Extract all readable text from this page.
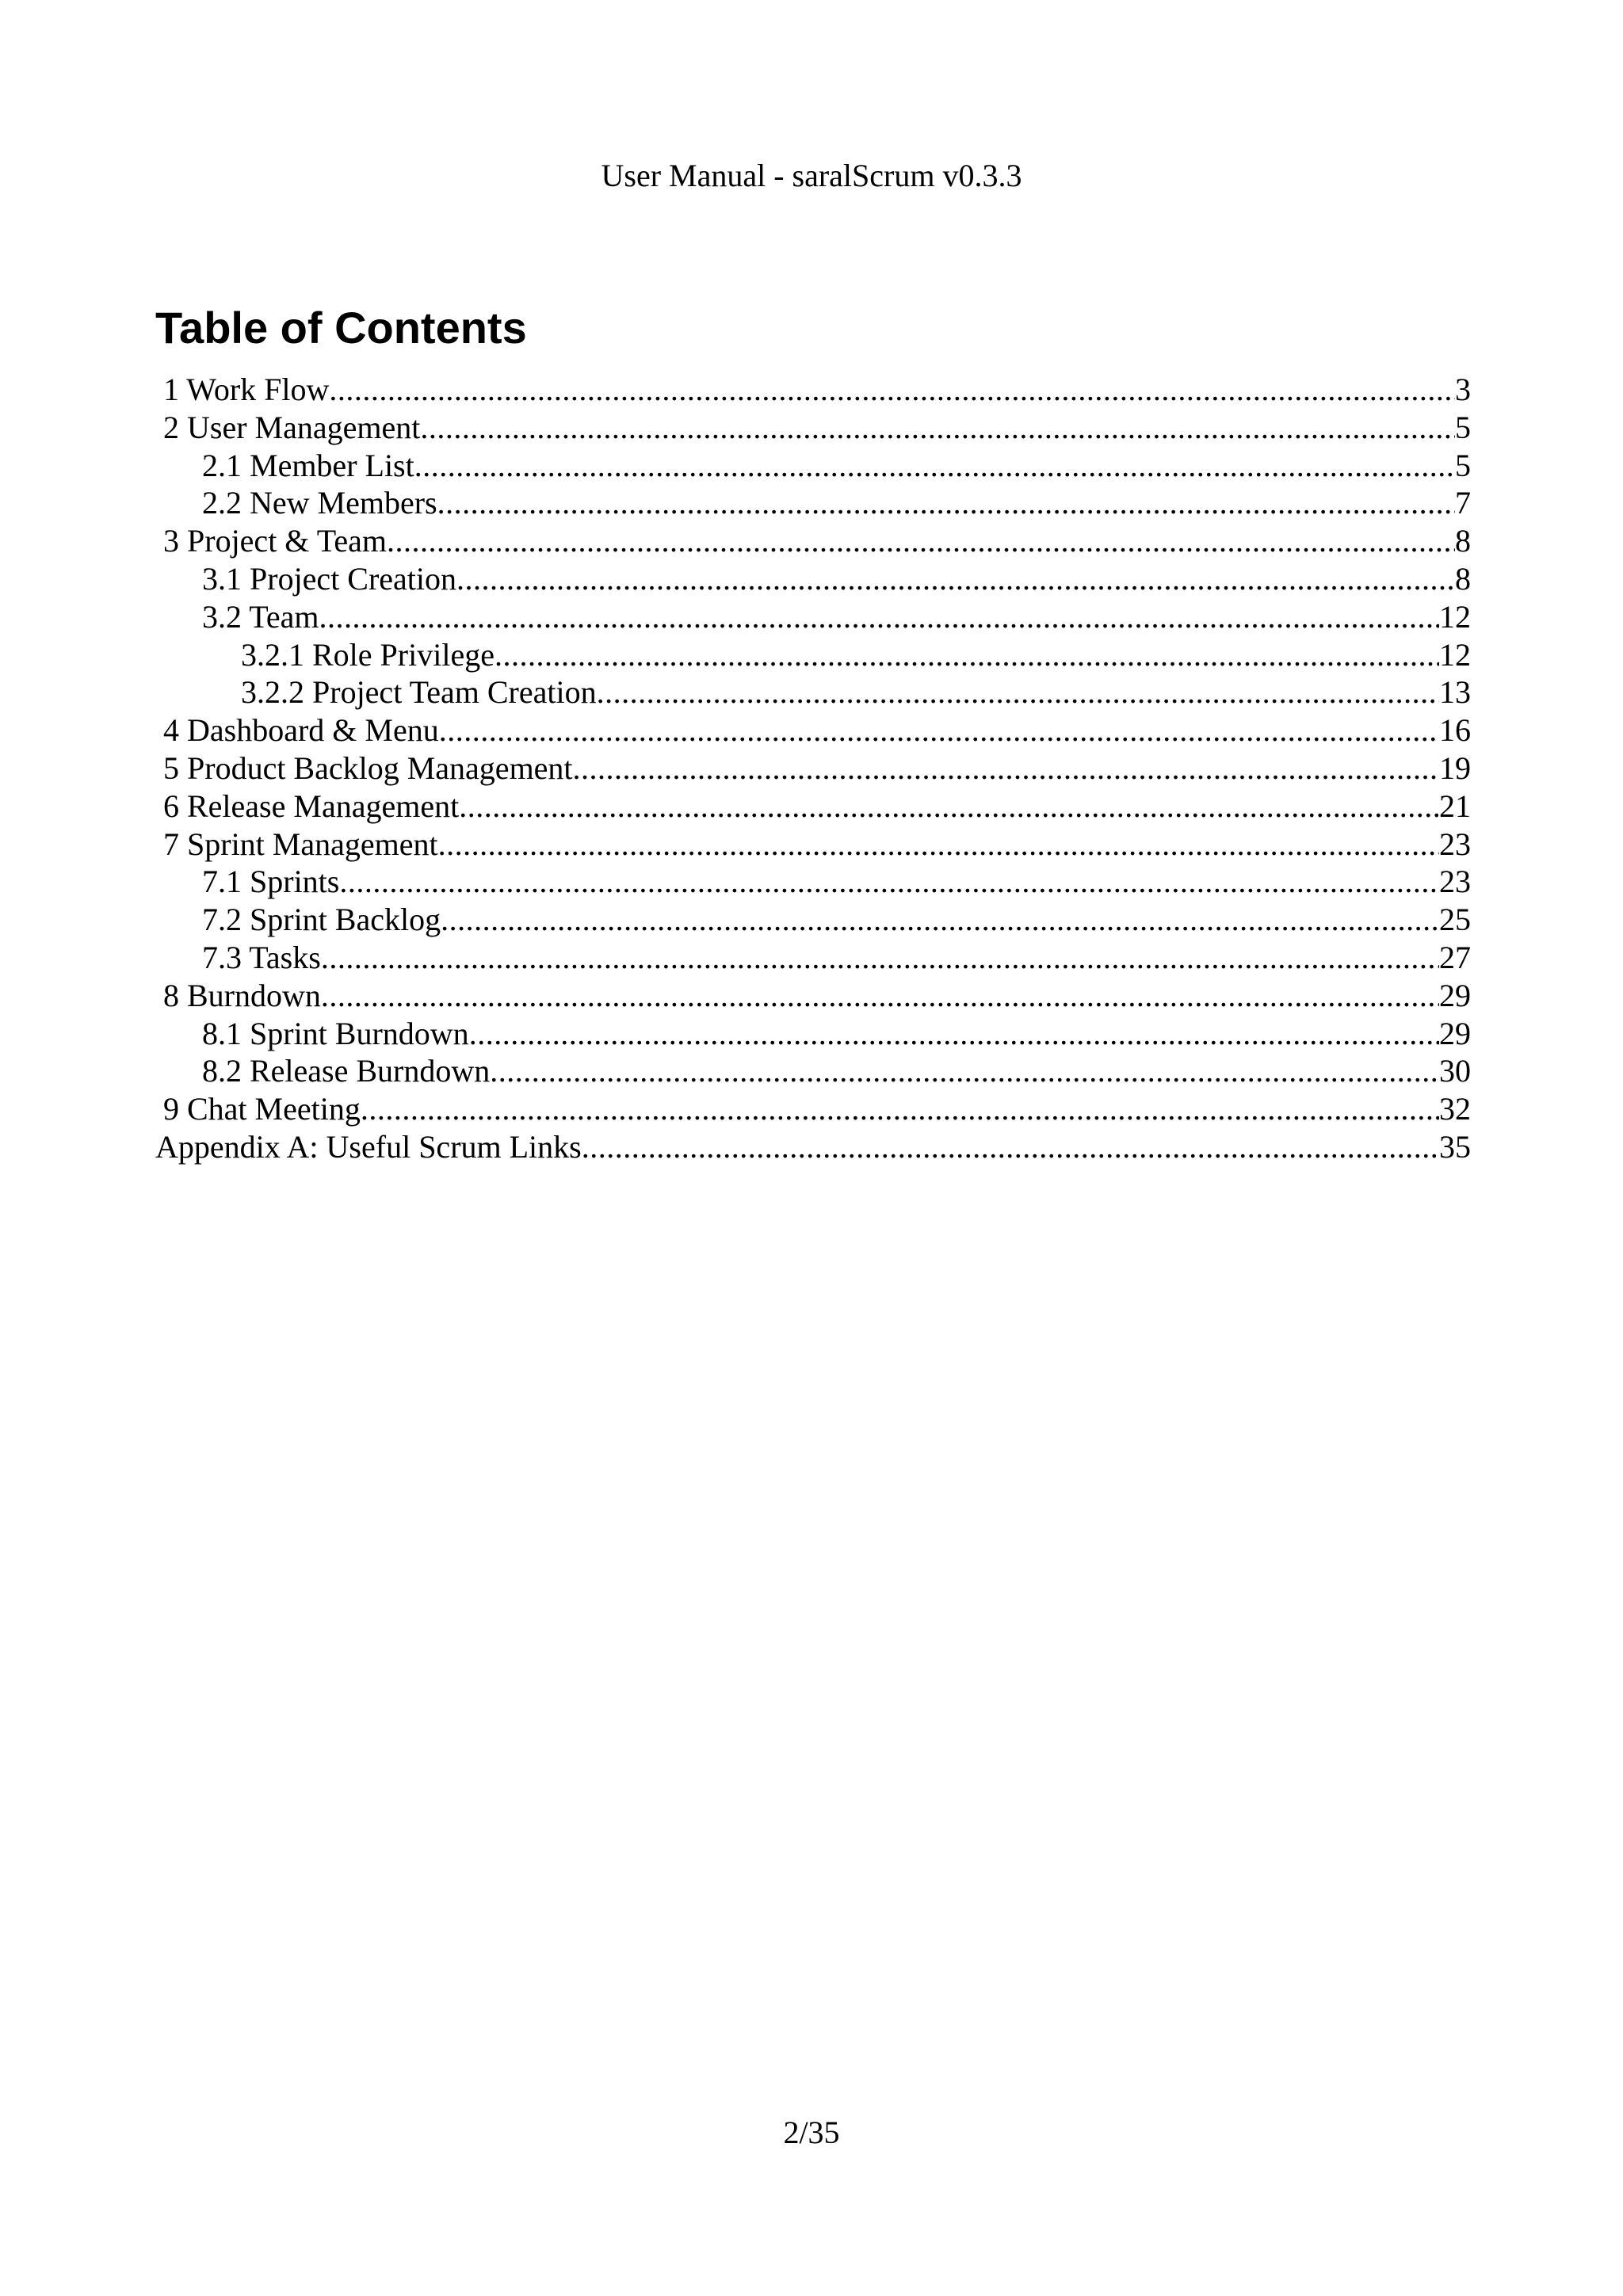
User Manual - saralScrum v0.3.3
Table of Contents
1 Work Flow .....	3
2 User Management .....	5
2.1 Member List .....	5
2.2 New Members .....	7
3 Project & Team .....	8
3.1 Project Creation .....	8
3.2 Team .....	12
3.2.1 Role Privilege .....	12
3.2.2 Project Team Creation .....	13
4 Dashboard & Menu .....	16
5 Product Backlog Management .....	19
6 Release Management .....	21
7 Sprint Management .....	23
7.1 Sprints .....	23
7.2 Sprint Backlog .....	25
7.3 Tasks .....	27
8 Burndown .....	29
8.1 Sprint Burndown .....	29
8.2 Release Burndown .....	30
9 Chat Meeting .....	32
Appendix A: Useful Scrum Links .....	35
2/35
